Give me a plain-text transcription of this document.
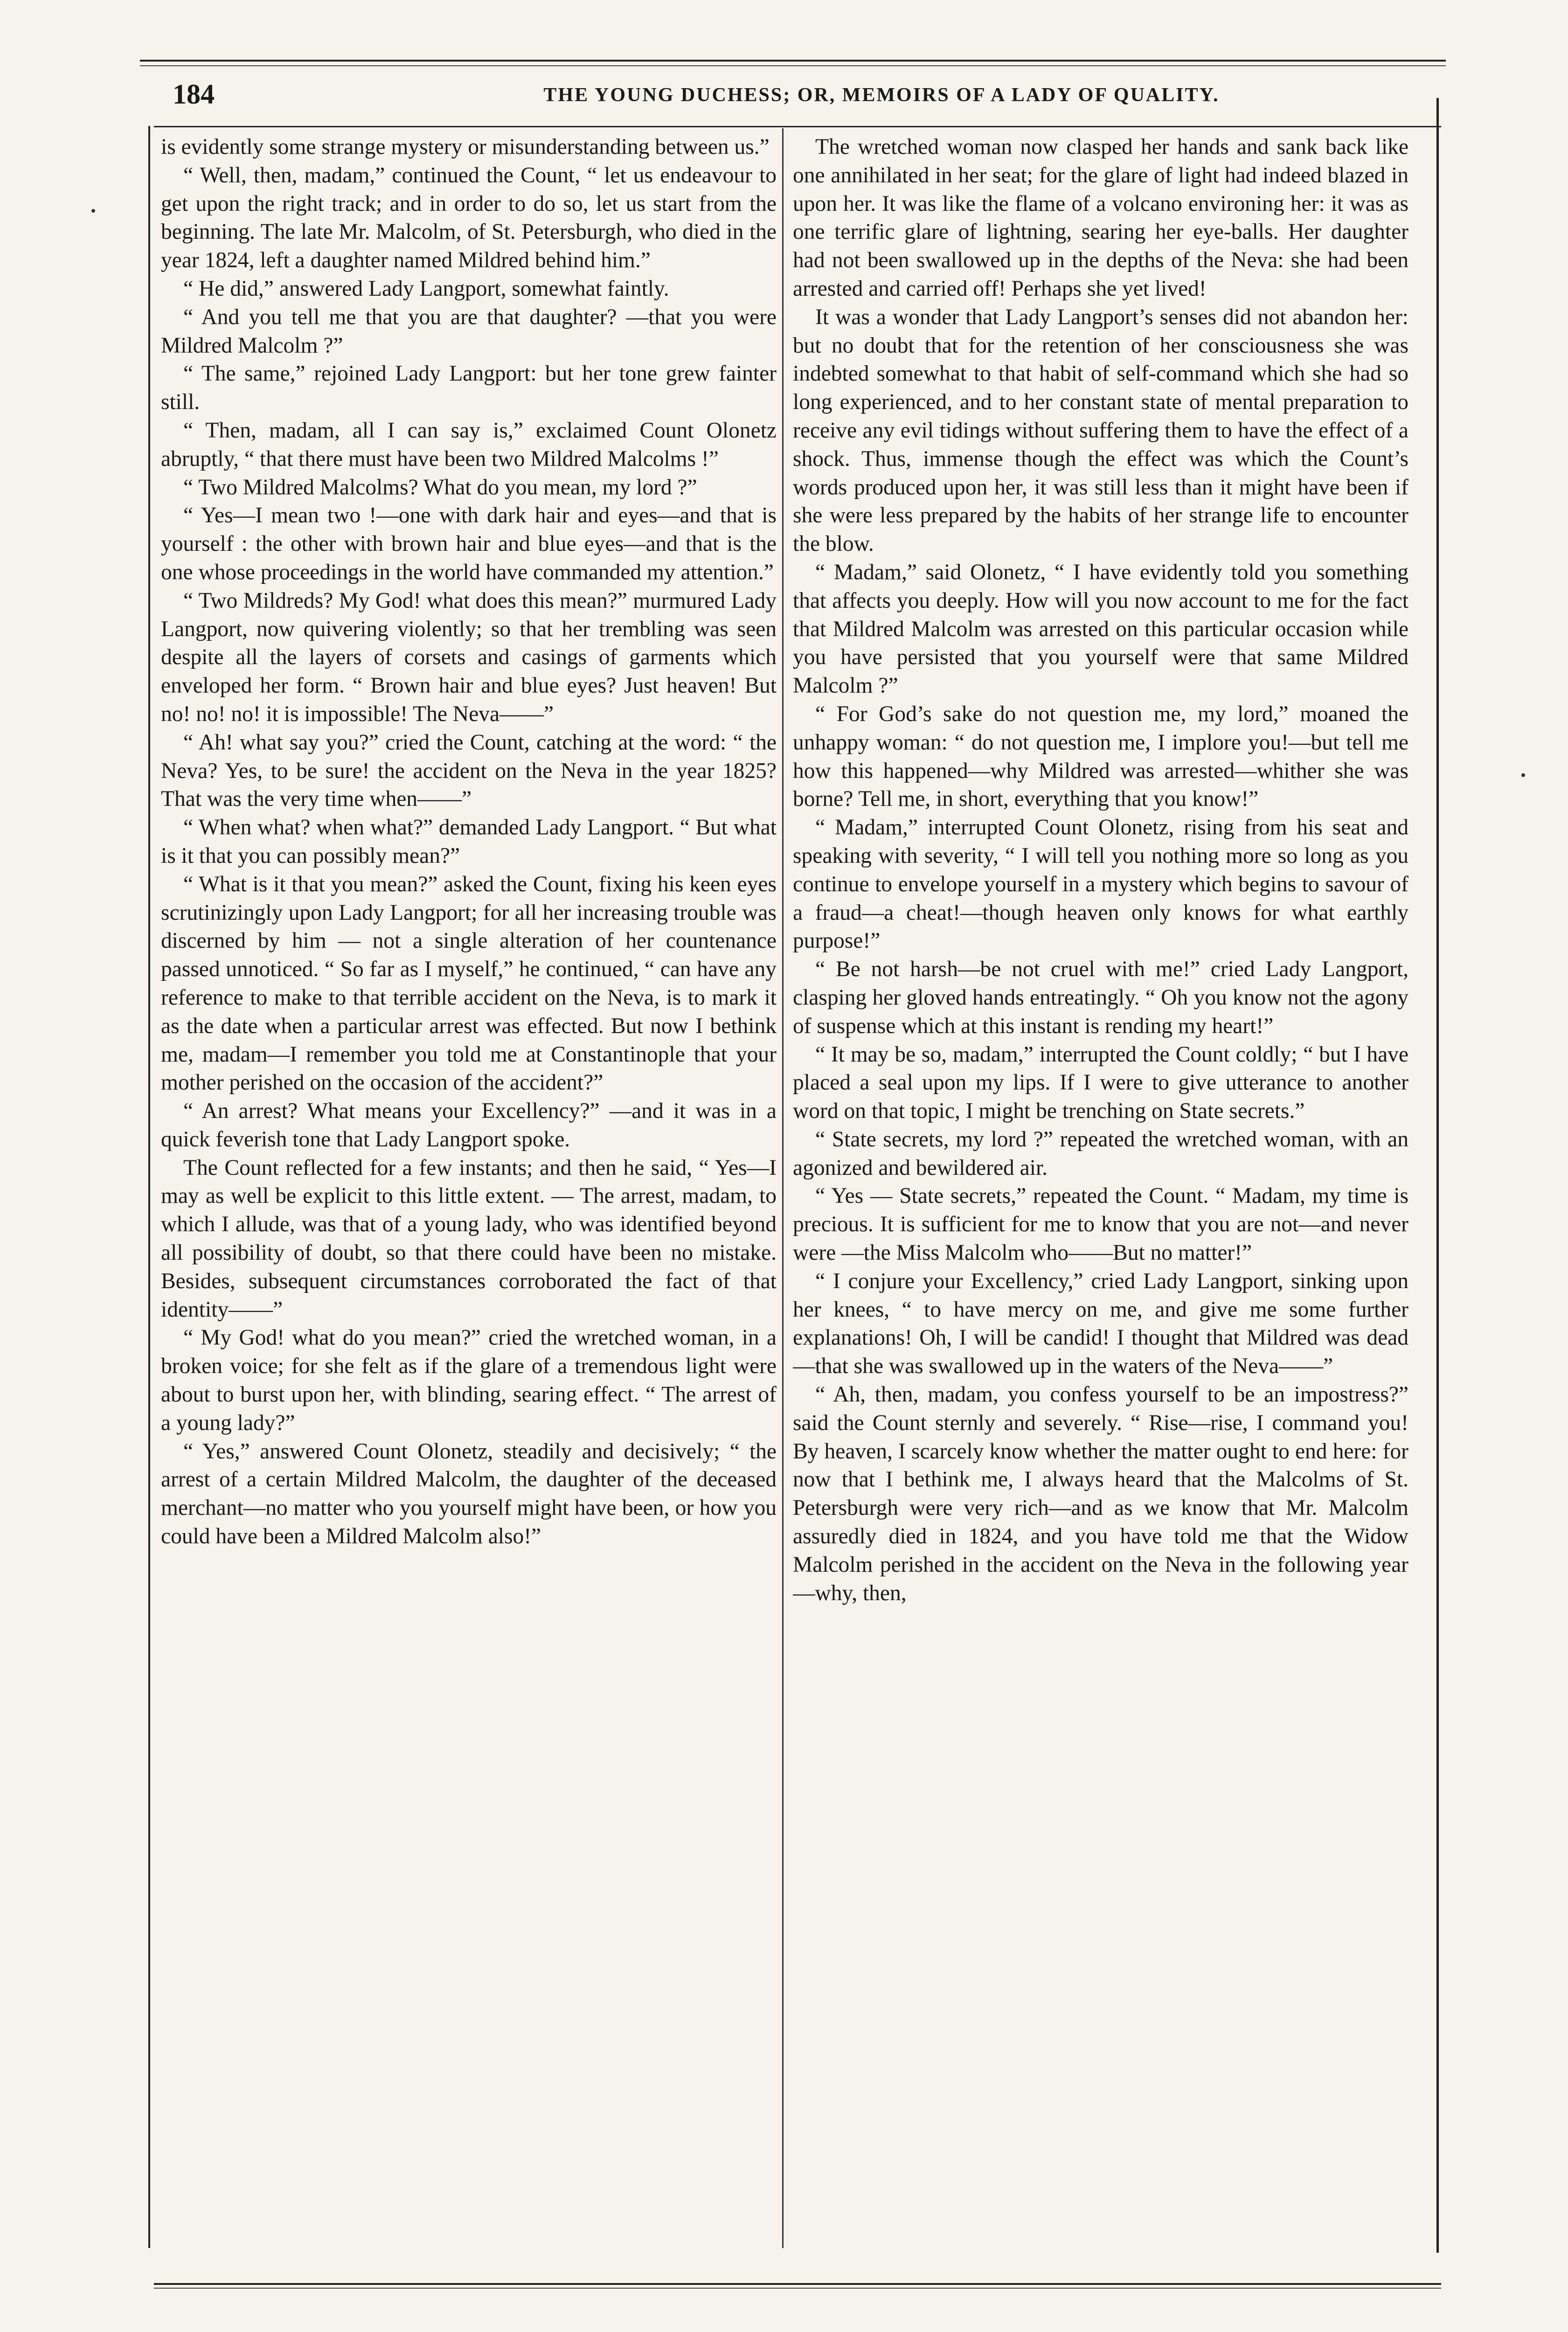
184	THE YOUNG DUCHESS; OR, MEMOIRS OF A LADY OF QUALITY.

is evidently some strange mystery or misunderstanding between us.”

“ Well, then, madam,” continued the Count, “ let us endeavour to get upon the right track; and in order to do so, let us start from the beginning. The late Mr. Malcolm, of St. Petersburgh, who died in the year 1824, left a daughter named Mildred behind him.”

“ He did,” answered Lady Langport, somewhat faintly.

“ And you tell me that you are that daughter? —that you were Mildred Malcolm ?”

“ The same,” rejoined Lady Langport: but her tone grew fainter still.

“ Then, madam, all I can say is,” exclaimed Count Olonetz abruptly, “ that there must have been two Mildred Malcolms !”

“ Two Mildred Malcolms? What do you mean, my lord ?”

“ Yes—I mean two !—one with dark hair and eyes—and that is yourself : the other with brown hair and blue eyes—and that is the one whose proceedings in the world have commanded my attention.”

“ Two Mildreds? My God! what does this mean?” murmured Lady Langport, now quivering violently; so that her trembling was seen despite all the layers of corsets and casings of garments which enveloped her form. “ Brown hair and blue eyes? Just heaven! But no! no! no! it is impossible! The Neva——”

“ Ah! what say you?” cried the Count, catching at the word: “ the Neva? Yes, to be sure! the accident on the Neva in the year 1825? That was the very time when——”

“ When what? when what?” demanded Lady Langport. “ But what is it that you can possibly mean?”

“ What is it that you mean?” asked the Count, fixing his keen eyes scrutinizingly upon Lady Langport; for all her increasing trouble was discerned by him — not a single alteration of her countenance passed unnoticed. “ So far as I myself,” he continued, “ can have any reference to make to that terrible accident on the Neva, is to mark it as the date when a particular arrest was effected. But now I bethink me, madam—I remember you told me at Constantinople that your mother perished on the occasion of the accident?”

“ An arrest? What means your Excellency?” —and it was in a quick feverish tone that Lady Langport spoke.

The Count reflected for a few instants; and then he said, “ Yes—I may as well be explicit to this little extent. — The arrest, madam, to which I allude, was that of a young lady, who was identified beyond all possibility of doubt, so that there could have been no mistake. Besides, subsequent circumstances corroborated the fact of that identity——”

“ My God! what do you mean?” cried the wretched woman, in a broken voice; for she felt as if the glare of a tremendous light were about to burst upon her, with blinding, searing effect. “ The arrest of a young lady?”

“ Yes,” answered Count Olonetz, steadily and decisively; “ the arrest of a certain Mildred Malcolm, the daughter of the deceased merchant—no matter who you yourself might have been, or how you could have been a Mildred Malcolm also!”

The wretched woman now clasped her hands and sank back like one annihilated in her seat; for the glare of light had indeed blazed in upon her. It was like the flame of a volcano environing her: it was as one terrific glare of lightning, searing her eye-balls. Her daughter had not been swallowed up in the depths of the Neva: she had been arrested and carried off! Perhaps she yet lived!

It was a wonder that Lady Langport’s senses did not abandon her: but no doubt that for the retention of her consciousness she was indebted somewhat to that habit of self-command which she had so long experienced, and to her constant state of mental preparation to receive any evil tidings without suffering them to have the effect of a shock. Thus, immense though the effect was which the Count’s words produced upon her, it was still less than it might have been if she were less prepared by the habits of her strange life to encounter the blow.

“ Madam,” said Olonetz, “ I have evidently told you something that affects you deeply. How will you now account to me for the fact that Mildred Malcolm was arrested on this particular occasion while you have persisted that you yourself were that same Mildred Malcolm ?”

“ For God’s sake do not question me, my lord,” moaned the unhappy woman: “ do not question me, I implore you!—but tell me how this happened—why Mildred was arrested—whither she was borne? Tell me, in short, everything that you know!”

“ Madam,” interrupted Count Olonetz, rising from his seat and speaking with severity, “ I will tell you nothing more so long as you continue to envelope yourself in a mystery which begins to savour of a fraud—a cheat!—though heaven only knows for what earthly purpose!”

“ Be not harsh—be not cruel with me!” cried Lady Langport, clasping her gloved hands entreatingly. “ Oh you know not the agony of suspense which at this instant is rending my heart!”

“ It may be so, madam,” interrupted the Count coldly; “ but I have placed a seal upon my lips. If I were to give utterance to another word on that topic, I might be trenching on State secrets.”

“ State secrets, my lord ?” repeated the wretched woman, with an agonized and bewildered air.

“ Yes — State secrets,” repeated the Count. “ Madam, my time is precious. It is sufficient for me to know that you are not—and never were —the Miss Malcolm who——But no matter!”

“ I conjure your Excellency,” cried Lady Langport, sinking upon her knees, “ to have mercy on me, and give me some further explanations! Oh, I will be candid! I thought that Mildred was dead—that she was swallowed up in the waters of the Neva——”

“ Ah, then, madam, you confess yourself to be an impostress?” said the Count sternly and severely. “ Rise—rise, I command you! By heaven, I scarcely know whether the matter ought to end here: for now that I bethink me, I always heard that the Malcolms of St. Petersburgh were very rich—and as we know that Mr. Malcolm assuredly died in 1824, and you have told me that the Widow Malcolm perished in the accident on the Neva in the following year—why, then,
